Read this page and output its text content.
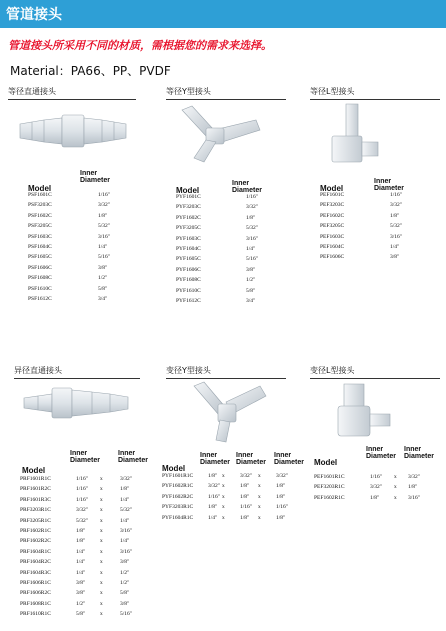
管道接头
管道接头所采用不同的材质，需根据您的需求来选择。
Material：PA66、PP、PVDF
等径直通接头
Model
Inner Diameter
PSF1601C	1/16"
PSF3203C	3/32"
PSF1602C	1/8"
PSF3205C	5/32"
PSF1603C	3/16"
PSF1604C	1/4"
PSF1605C	5/16"
PSF1606C	3/8"
PSF1608C	1/2"
PSF1610C	5/8"
PSF1612C	3/4"
等径Y型接头
Model
Inner Diameter
PYF1601C	1/16"
PYF3203C	3/32"
PYF1602C	1/8"
PYF3205C	5/32"
PYF1603C	3/16"
PYF1604C	1/4"
PYF1605C	5/16"
PYF1606C	3/8"
PYF1608C	1/2"
PYF1610C	5/8"
PYF1612C	3/4"
等径L型接头
Model
Inner Diameter
PEF1601C	1/16"
PEF3203C	3/32"
PEF1602C	1/8"
PEF3205C	5/32"
PEF1603C	3/16"
PEF1604C	1/4"
PEF1606C	3/8"
异径直通接头
Model
Inner Diameter
Inner Diameter
PRF1601R1C	1/16" x	3/32"
PRF1601R2C	1/16" x	1/8"
PRF1601R3C	1/16" x	1/4"
PRF3203R1C	3/32" x	5/32"
PRF3205R1C	5/32" x	1/4"
PRF1602R1C	1/8"	x	3/16"
PRF1602R2C	1/8"	x	1/4"
PRF1604R1C	1/4"	x	3/16"
PRF1604R2C	1/4"	x	3/8"
PRF1604R3C	1/4"	x	1/2"
PRF1606R1C	3/8"	x	1/2"
PRF1606R2C	3/8"	x	5/8"
PRF1608R1C	1/2"	x	3/8"
PRF1610R1C	5/8"	x	5/16"
变径Y型接头
Model
Inner Diameter
Inner Diameter
Inner Diameter
PYF1601R1C	1/8" x	3/32" x	3/32"
PYF1602R1C	3/32" x	1/8" x	1/8"
PYF1602R2C	1/16" x	1/8" x	1/8"
PYF3203R1C	1/8" x	1/16" x	1/16"
PYF1604R1C	1/4" x	1/8" x	1/8"
变径L型接头
Model
Inner Diameter
Inner Diameter
PEF1601R1C	1/16" x 3/32"
PEF3203R1C	3/32" x 1/8"
PEF1602R1C	1/8"	x 3/16"
